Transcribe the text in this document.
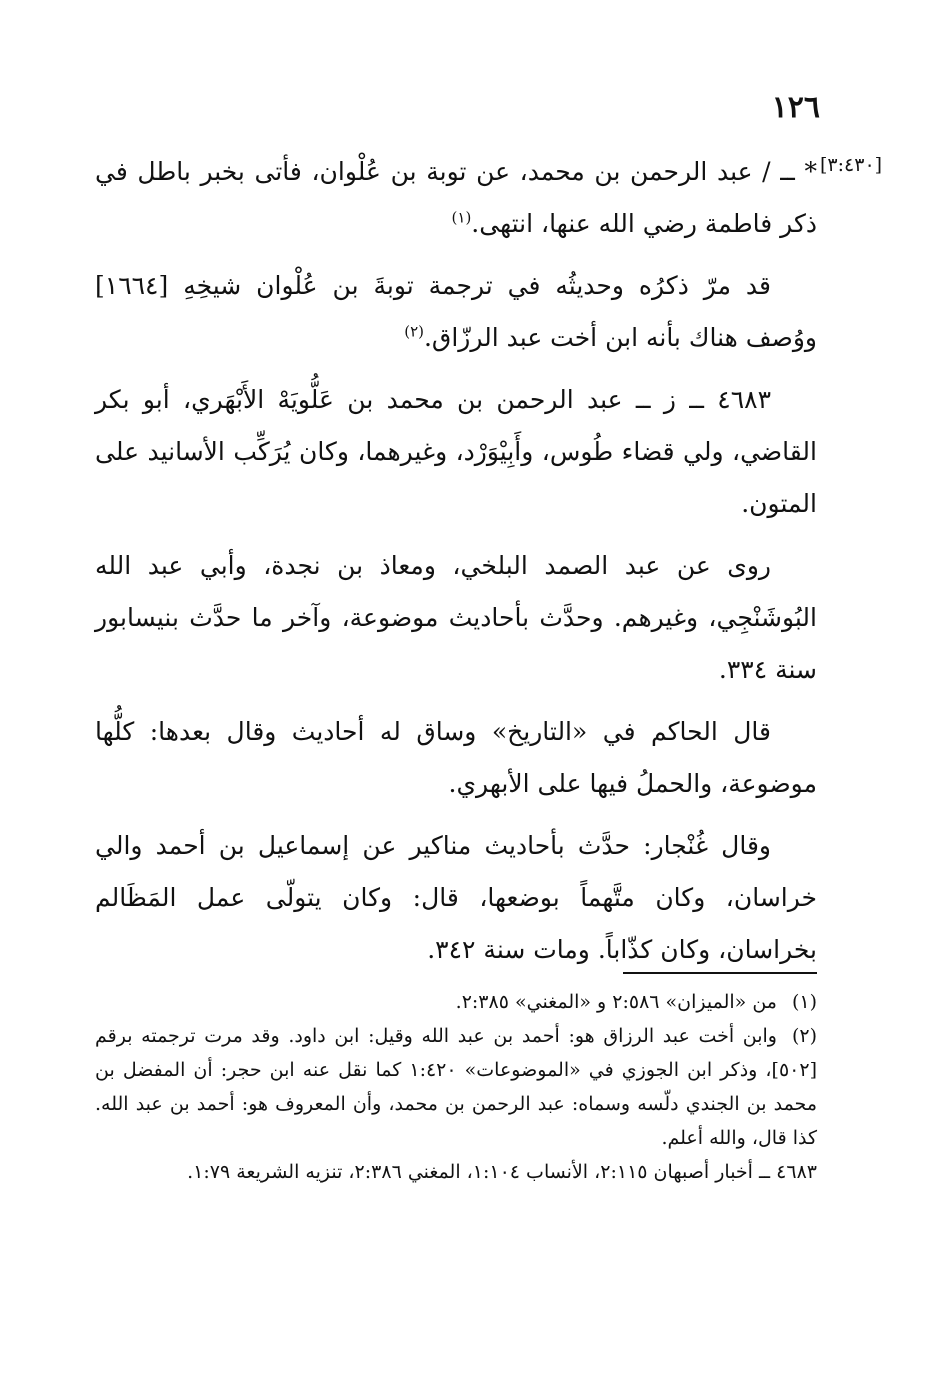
١٢٦
[٣:٤٣٠]

* ــ / عبد الرحمن بن محمد، عن توبة بن عُلْوان، فأتى بخبر باطل في ذكر فاطمة رضي الله عنها، انتهى.$^{(١)}$

قد مرّ ذكرُه وحديثُه في ترجمة توبةَ بن عُلْوان شيخِهِ [١٦٦٤] ووُصف هناك بأنه ابن أخت عبد الرزّاق.$^{(٢)}$

٤٦٨٣ ــ ز ــ عبد الرحمن بن محمد بن عَلُّويَهْ الأَبْهَري، أبو بكر القاضي، ولي قضاء طُوس، وأَبِيْوَرْد، وغيرهما، وكان يُرَكِّب الأسانيد على المتون.

روى عن عبد الصمد البلخي، ومعاذ بن نجدة، وأبي عبد الله البُوشَنْجِي، وغيرهم. وحدَّث بأحاديث موضوعة، وآخر ما حدَّث بنيسابور سنة ٣٣٤.

قال الحاكم في «التاريخ» وساق له أحاديث وقال بعدها: كلُّها موضوعة، والحملُ فيها على الأبهري.

وقال غُنْجار: حدَّث بأحاديث مناكير عن إسماعيل بن أحمد والي خراسان، وكان متَّهماً بوضعها، قال: وكان يتولّى عمل المَظَالم بخراسان، وكان كذّاباً. ومات سنة ٣٤٢.

(١)من «الميزان» ٢:٥٨٦ و «المغني» ٢:٣٨٥.

(٢)وابن أخت عبد الرزاق هو: أحمد بن عبد الله وقيل: ابن داود. وقد مرت ترجمته برقم [٥٠٢]، وذكر ابن الجوزي في «الموضوعات» ١:٤٢٠ كما نقل عنه ابن حجر: أن المفضل بن محمد بن الجندي دلّسه وسماه: عبد الرحمن بن محمد، وأن المعروف هو: أحمد بن عبد الله. كذا قال، والله أعلم.

٤٦٨٣ ــ أخبار أصبهان ٢:١١٥، الأنساب ١:١٠٤، المغني ٢:٣٨٦، تنزيه الشريعة ١:٧٩.
